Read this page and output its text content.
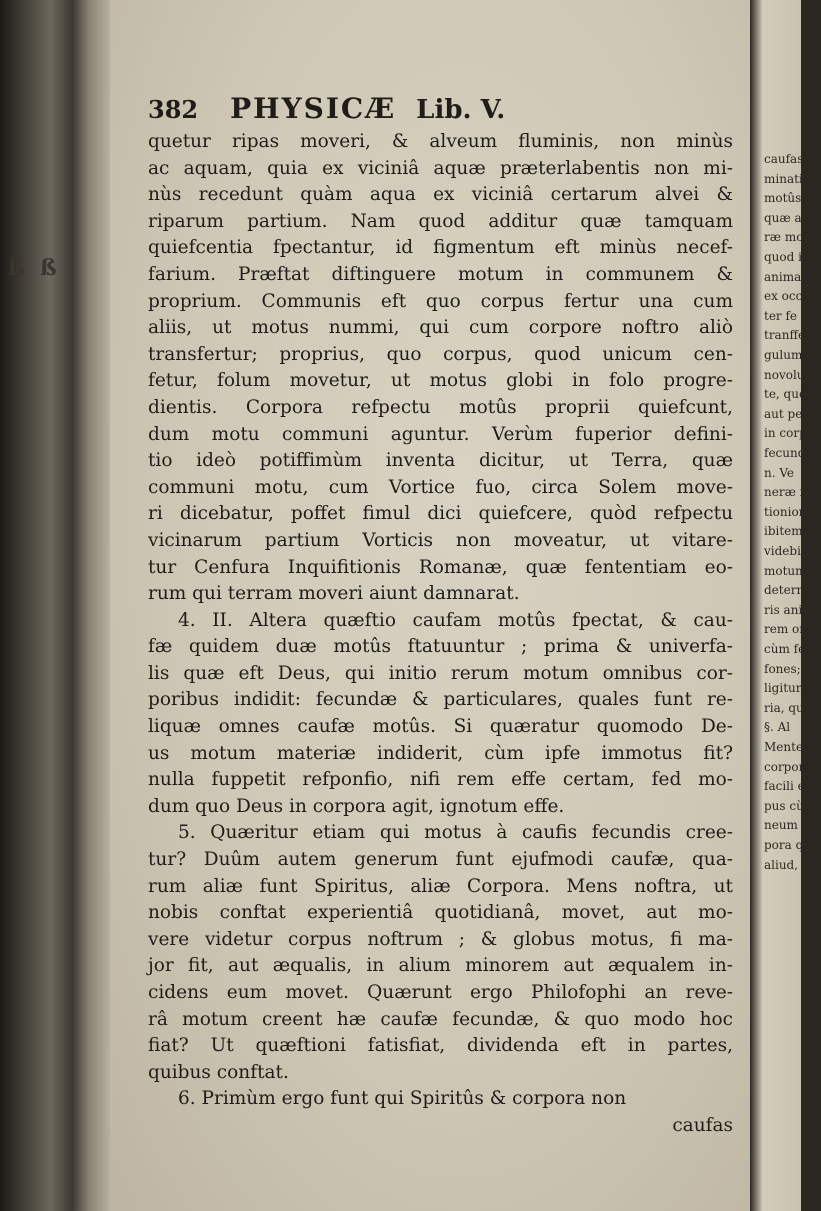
ß ß
caufas m
minatio
motûs fi
quæ aulç
ræ mo
quod in n
animales
ex occafi
ter fe c
tranfferr
gulum c
novolunt
te, quò
aut perc
in corpo
fecundu
n. Ve
neræ fup
tionione
ibitem n
videbim
motum
determi
ris anin
rem om
cùm fe
fones;
ligitur,
ria, qu
§. Al
Mentem
corporib
facili eff
pus cùm
neum d
pora qu
aliud,
382 PHYSICÆ Lib. V.

quetur ripas moveri, & alveum fluminis, non minùs

ac aquam, quia ex viciniâ aquæ præterlabentis non mi-

nùs recedunt quàm aqua ex viciniâ certarum alvei &

riparum partium. Nam quod additur quæ tamquam

quiefcentia fpectantur, id figmentum eft minùs necef-

farium. Præftat diftinguere motum in communem &

proprium. Communis eft quo corpus fertur una cum

aliis, ut motus nummi, qui cum corpore noftro aliò

transfertur; proprius, quo corpus, quod unicum cen-

fetur, folum movetur, ut motus globi in folo progre-

dientis. Corpora refpectu motûs proprii quiefcunt,

dum motu communi aguntur. Verùm fuperior defini-

tio ideò potiffimùm inventa dicitur, ut Terra, quæ

communi motu, cum Vortice fuo, circa Solem move-

ri dicebatur, poffet fimul dici quiefcere, quòd refpectu

vicinarum partium Vorticis non moveatur, ut vitare-

tur Cenfura Inquifitionis Romanæ, quæ fententiam eo-

rum qui terram moveri aiunt damnarat.

4. II. Altera quæftio caufam motûs fpectat, & cau-

fæ quidem duæ motûs ftatuuntur ; prima & univerfa-

lis quæ eft Deus, qui initio rerum motum omnibus cor-

poribus indidit: fecundæ & particulares, quales funt re-

liquæ omnes caufæ motûs. Si quæratur quomodo De-

us motum materiæ indiderit, cùm ipfe immotus fit?

nulla fuppetit refponfio, nifi rem effe certam, fed mo-

dum quo Deus in corpora agit, ignotum effe.

5. Quæritur etiam qui motus à caufis fecundis cree-

tur? Duûm autem generum funt ejufmodi caufæ, qua-

rum aliæ funt Spiritus, aliæ Corpora. Mens noftra, ut

nobis conftat experientiâ quotidianâ, movet, aut mo-

vere videtur corpus noftrum ; & globus motus, fi ma-

jor fit, aut æqualis, in alium minorem aut æqualem in-

cidens eum movet. Quærunt ergo Philofophi an reve-

râ motum creent hæ caufæ fecundæ, & quo modo hoc

fiat? Ut quæftioni fatisfiat, dividenda eft in partes,

quibus conftat.

6. Primùm ergo funt qui Spiritûs & corpora non

caufas
